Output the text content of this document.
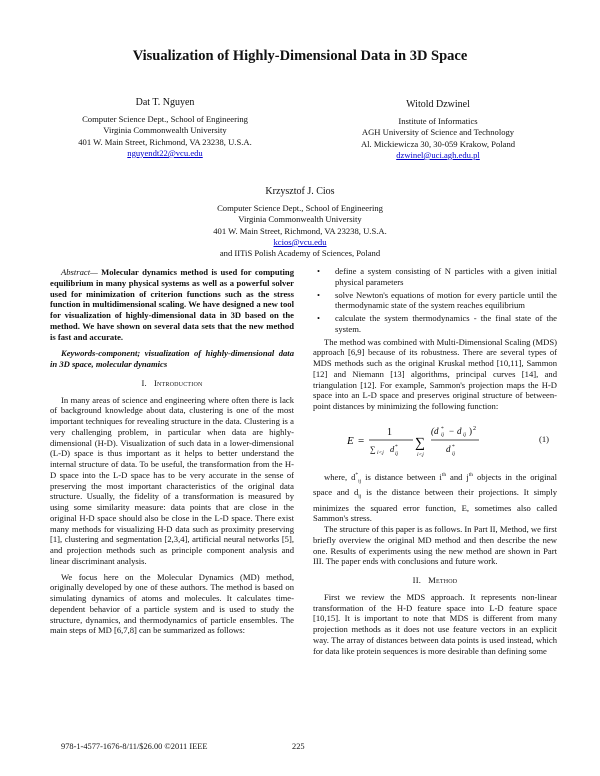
Visualization of Highly-Dimensional Data in 3D Space
Dat T. Nguyen
Computer Science Dept., School of Engineering
Virginia Commonwealth University
401 W. Main Street, Richmond, VA 23238, U.S.A.
nguyendt22@vcu.edu
Witold Dzwinel
Institute of Informatics
AGH University of Science and Technology
Al. Mickiewicza 30, 30-059 Krakow, Poland
dzwinel@uci.agh.edu.pl
Krzysztof J. Cios
Computer Science Dept., School of Engineering
Virginia Commonwealth University
401 W. Main Street, Richmond, VA 23238, U.S.A.
kcios@vcu.edu
and IITiS Polish Academy of Sciences, Poland

Abstract— Molecular dynamics method is used for computing equilibrium in many physical systems as well as a powerful solver used for minimization of criterion functions such as the stress function in multidimensional scaling. We have designed a new tool for visualization of highly-dimensional data in 3D based on the method. We have shown on several data sets that the new method is fast and accurate.

Keywords-component; visualization of highly-dimensional data in 3D space, molecular dynamics

I. Introduction

In many areas of science and engineering where often there is lack of background knowledge about data, clustering is one of the most important techniques for revealing structure in the data. Clustering is a very challenging problem, in particular when data are highly-dimensional (H-D). Visualization of such data in a lower-dimensional (L-D) space is thus important as it helps to better understand the internal structure of data. To be useful, the transformation from the H-D space into the L-D space has to be very accurate in the sense of preserving the most important characteristics of the original data structure. Usually, the fidelity of a transformation is measured by using some similarity measure: data points that are close in the original H-D space should also be close in the L-D space. There exist many methods for visualizing H-D data such as proximity preserving [1], clustering and segmentation [2,3,4], artificial neural networks [5], and projection methods such as principle component analysis and linear discriminant analysis.

We focus here on the Molecular Dynamics (MD) method, originally developed by one of these authors. The method is based on simulating dynamics of atoms and molecules. It calculates time-dependent behavior of a particle system and is used to study the structure, dynamics, and thermodynamics of particle ensembles. The main steps of MD [6,7,8] can be summarized as follows:

• define a system consisting of N particles with a given initial physical parameters
• solve Newton's equations of motion for every particle until the thermodynamic state of the system reaches equilibrium
• calculate the system thermodynamics - the final state of the system.

The method was combined with Multi-Dimensional Scaling (MDS) approach [6,9] because of its robustness. There are several types of MDS methods such as the original Kruskal method [10,11], Sammon [12] and Niemann [13] algorithms, principal curves [14], and triangulation [12]. For example, Sammon's projection maps the H-D space into an L-D space and preserves original structure of between-point distances by minimizing the following function:

E =
1
∑ i<j d *
ij
∑
i<j
(d *
ij − d ij ) 2
d *
ij
(1)

where, $d^*_{ij}$ is distance between $i^{th}$ and $j^{th}$ objects in the original space and $d_{ij}$ is the distance between their projections. It simply minimizes the squared error function, E, sometimes also called Sammon's stress.

The structure of this paper is as follows. In Part II, Method, we first briefly overview the original MD method and then describe the new one. Results of experiments using the new method are shown in Part III. The paper ends with conclusions and future work.

II. Method

First we review the MDS approach. It represents non-linear transformation of the H-D feature space into L-D feature space [10,15]. It is important to note that MDS is different from many projection methods as it does not use feature vectors in an explicit way. The array of distances between data points is used instead, which for data like protein sequences is more desirable than defining some

978-1-4577-1676-8/11/$26.00 ©2011 IEEE	225
